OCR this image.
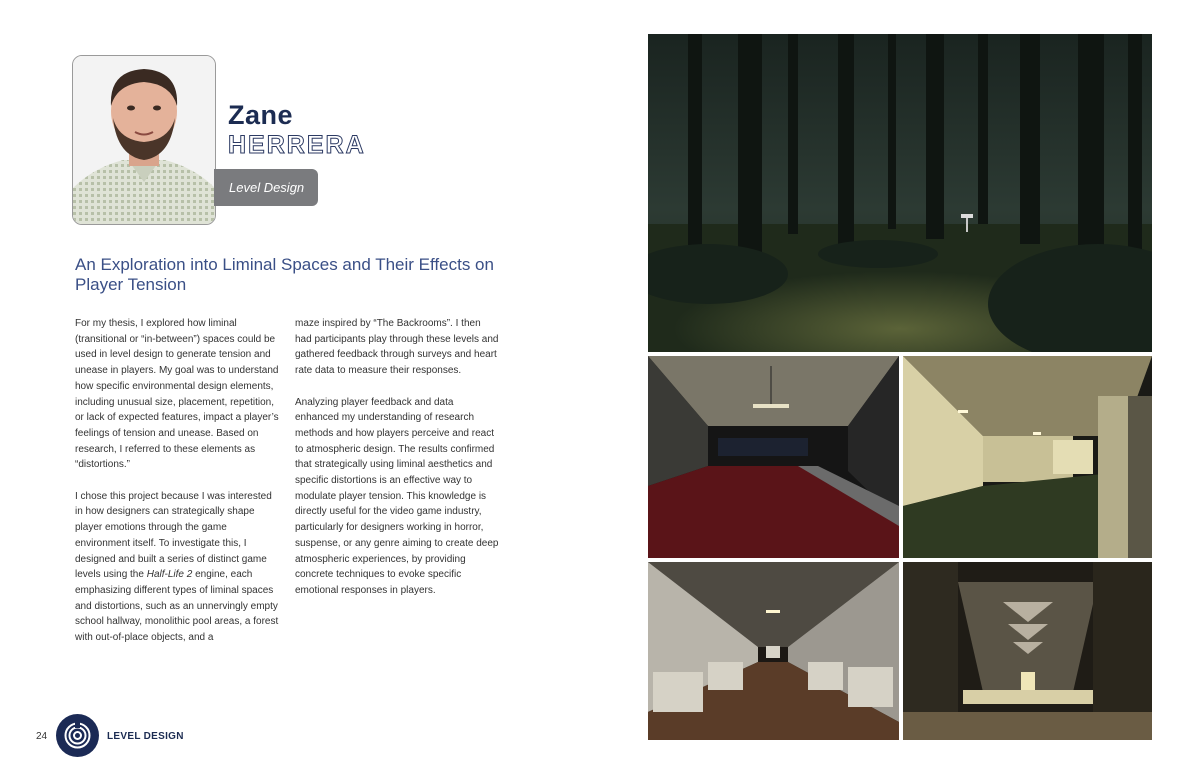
Zane
HERRERA
Level Design
An Exploration into Liminal Spaces and Their Effects on Player Tension

For my thesis, I explored how liminal (transitional or “in-between”) spaces could be used in level design to generate tension and unease in players. My goal was to understand how specific environmental design elements, including unusual size, placement, repetition, or lack of expected features, impact a player’s feelings of tension and unease. Based on research, I referred to these elements as “distortions.”

I chose this project because I was interested in how designers can strategically shape player emotions through the game environment itself. To investigate this, I designed and built a series of distinct game levels using the Half-Life 2 engine, each emphasizing different types of liminal spaces and distortions, such as an unnervingly empty school hallway, monolithic pool areas, a forest with out-of-place objects, and a

maze inspired by “The Backrooms”. I then had participants play through these levels and gathered feedback through surveys and heart rate data to measure their responses.

Analyzing player feedback and data enhanced my understanding of research methods and how players perceive and react to atmospheric design. The results confirmed that strategically using liminal aesthetics and specific distortions is an effective way to modulate player tension. This knowledge is directly useful for the video game industry, particularly for designers working in horror, suspense, or any genre aiming to create deep atmospheric experiences, by providing concrete techniques to evoke specific emotional responses in players.

24	LEVEL DESIGN
